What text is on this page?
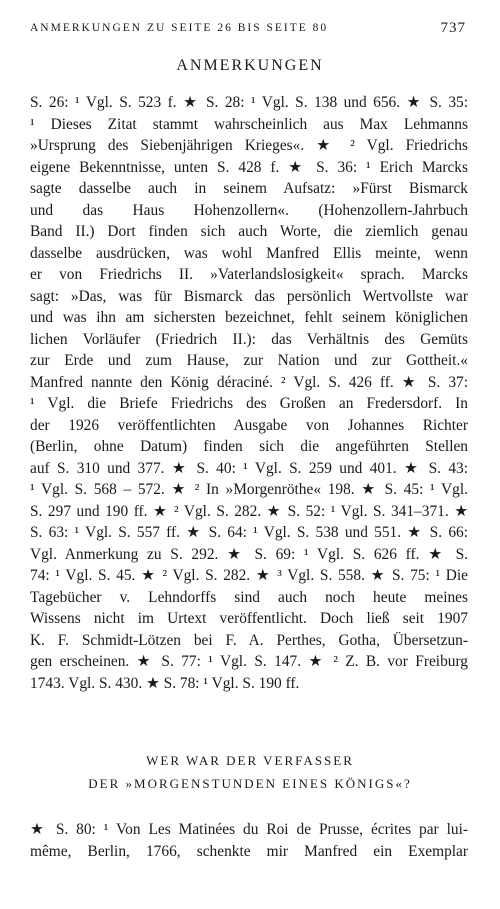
ANMERKUNGEN ZU SEITE 26 BIS SEITE 80	737
ANMERKUNGEN
S. 26: ¹ Vgl. S. 523 f. ★ S. 28: ¹ Vgl. S. 138 und 656. ★ S. 35:
¹ Dieses Zitat stammt wahrscheinlich aus Max Lehmanns
»Ursprung des Siebenjährigen Krieges«. ★ ² Vgl. Friedrichs
eigene Bekenntnisse, unten S. 428 f. ★ S. 36: ¹ Erich Marcks
sagte dasselbe auch in seinem Aufsatz: »Fürst Bismarck
und das Haus Hohenzollern«. (Hohenzollern-Jahrbuch
Band II.) Dort finden sich auch Worte, die ziemlich genau
dasselbe ausdrücken, was wohl Manfred Ellis meinte, wenn
er von Friedrichs II. »Vaterlandslosigkeit« sprach. Marcks
sagt: »Das, was für Bismarck das persönlich Wertvollste war
und was ihn am sichersten bezeichnet, fehlt seinem königlichen
lichen Vorläufer (Friedrich II.): das Verhältnis des Gemüts
zur Erde und zum Hause, zur Nation und zur Gottheit.«
Manfred nannte den König déraciné. ² Vgl. S. 426 ff. ★ S. 37:
¹ Vgl. die Briefe Friedrichs des Großen an Fredersdorf. In
der 1926 veröffentlichten Ausgabe von Johannes Richter
(Berlin, ohne Datum) finden sich die angeführten Stellen
auf S. 310 und 377. ★ S. 40: ¹ Vgl. S. 259 und 401. ★ S. 43:
¹ Vgl. S. 568 – 572. ★ ² In »Morgenröthe« 198. ★ S. 45: ¹ Vgl.
S. 297 und 190 ff. ★ ² Vgl. S. 282. ★ S. 52: ¹ Vgl. S. 341–371. ★
S. 63: ¹ Vgl. S. 557 ff. ★ S. 64: ¹ Vgl. S. 538 und 551. ★ S. 66:
Vgl. Anmerkung zu S. 292. ★ S. 69: ¹ Vgl. S. 626 ff. ★ S.
74: ¹ Vgl. S. 45. ★ ² Vgl. S. 282. ★ ³ Vgl. S. 558. ★ S. 75: ¹ Die
Tagebücher v. Lehndorffs sind auch noch heute meines
Wissens nicht im Urtext veröffentlicht. Doch ließ seit 1907
K. F. Schmidt-Lötzen bei F. A. Perthes, Gotha, Übersetzun-
gen erscheinen. ★ S. 77: ¹ Vgl. S. 147. ★ ² Z. B. vor Freiburg
1743. Vgl. S. 430. ★ S. 78: ¹ Vgl. S. 190 ff.
WER WAR DER VERFASSER
DER »MORGENSTUNDEN EINES KÖNIGS«?
★ S. 80: ¹ Von Les Matinées du Roi de Prusse, écrites par lui-
même, Berlin, 1766, schenkte mir Manfred ein Exemplar
